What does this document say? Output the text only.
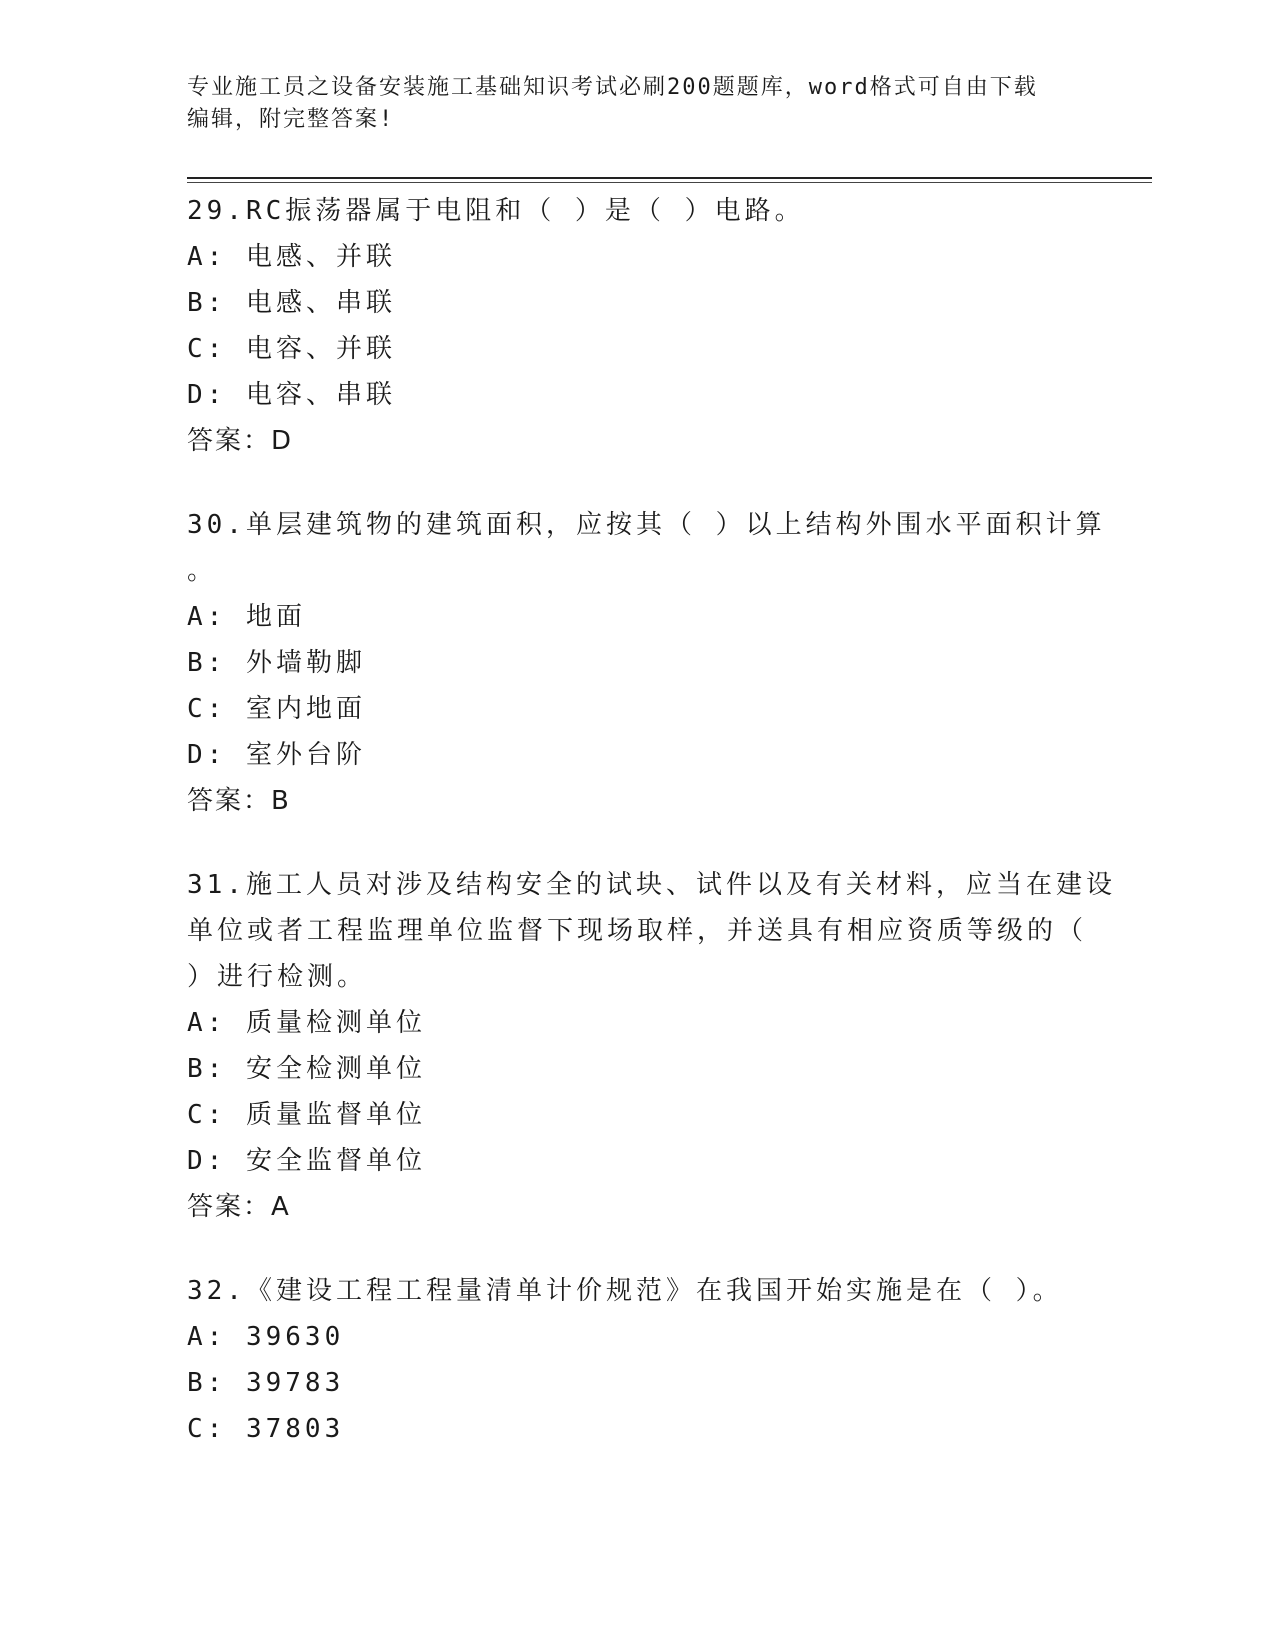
专业施工员之设备安装施工基础知识考试必刷200题题库，word格式可自由下载
编辑，附完整答案!
29.RC振荡器属于电阻和（ ）是（ ）电路。
A: 电感、并联
B: 电感、串联
C: 电容、并联
D: 电容、串联
答案：D
30.单层建筑物的建筑面积，应按其（ ）以上结构外围水平面积计算
。
A: 地面
B: 外墙勒脚
C: 室内地面
D: 室外台阶
答案：B
31.施工人员对涉及结构安全的试块、试件以及有关材料，应当在建设
单位或者工程监理单位监督下现场取样，并送具有相应资质等级的（
）进行检测。
A: 质量检测单位
B: 安全检测单位
C: 质量监督单位
D: 安全监督单位
答案：A
32.《建设工程工程量清单计价规范》在我国开始实施是在（ ）。
A: 39630
B: 39783
C: 37803
